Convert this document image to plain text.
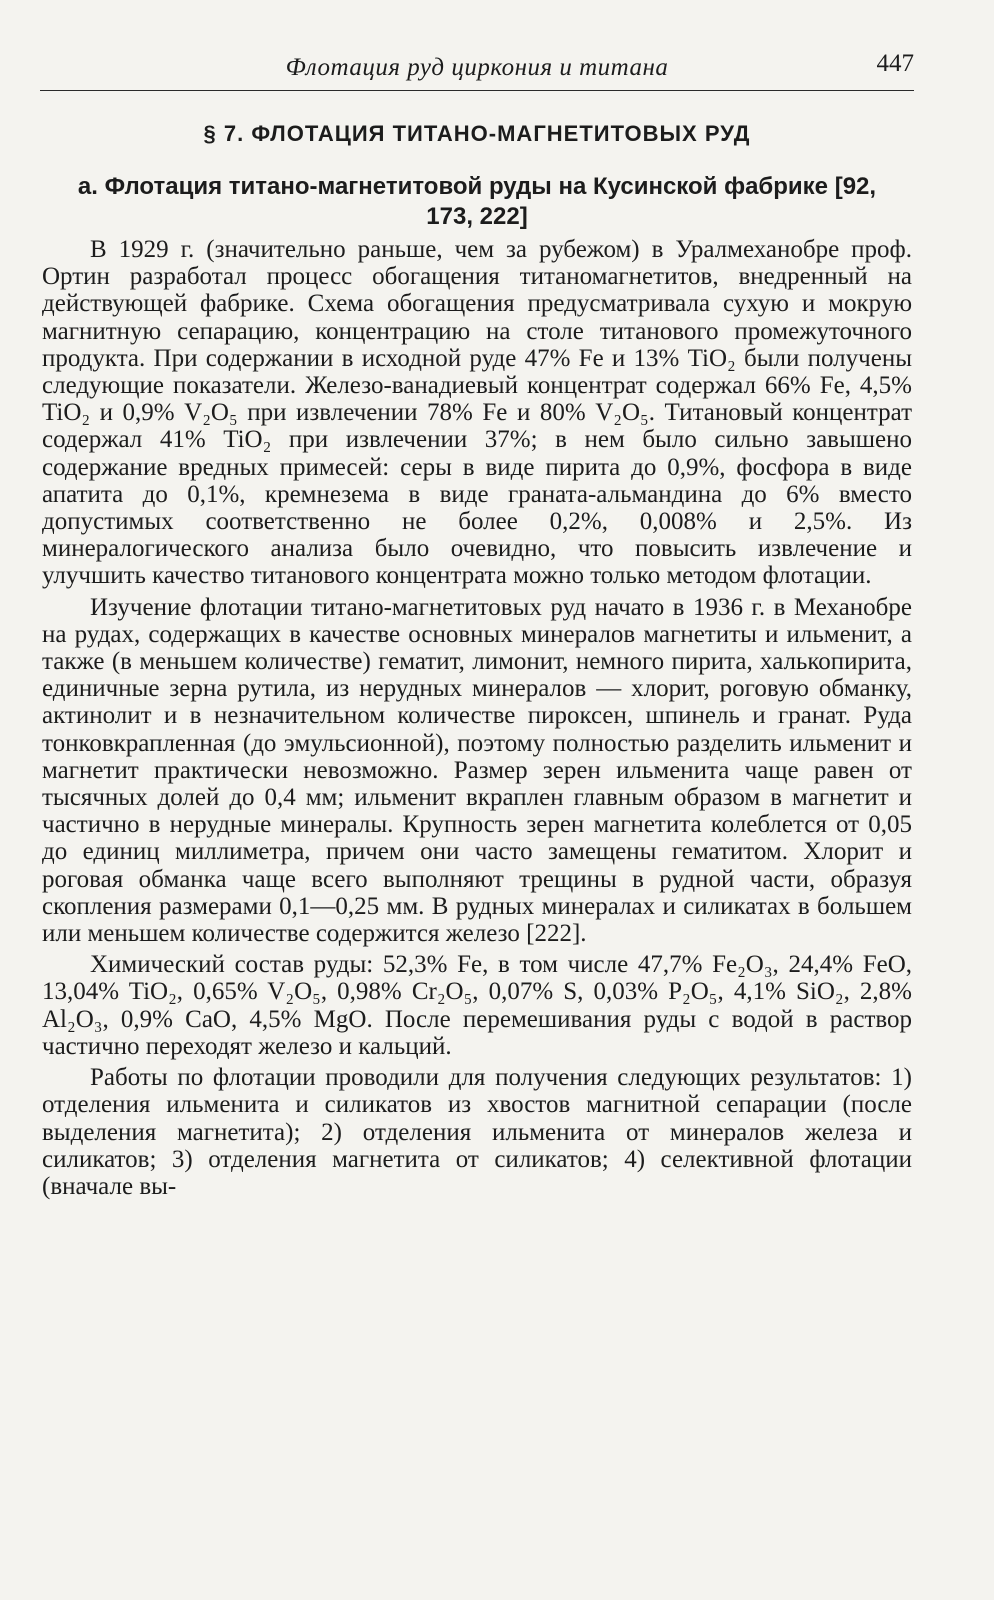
Флотация руд циркония и титана	447
§ 7. ФЛОТАЦИЯ ТИТАНО-МАГНЕТИТОВЫХ РУД
а. Флотация титано-магнетитовой руды на Кусинской фабрике [92, 173, 222]

В 1929 г. (значительно раньше, чем за рубежом) в Уралмеханобре проф. Ортин разработал процесс обогащения титаномагнетитов, внедренный на действующей фабрике. Схема обогащения предусматривала сухую и мокрую магнитную сепарацию, концентрацию на столе титанового промежуточного продукта. При содержании в исходной руде 47% Fe и 13% TiO₂ были получены следующие показатели. Железо-ванадиевый концентрат содержал 66% Fe, 4,5% TiO₂ и 0,9% V₂O₅ при извлечении 78% Fe и 80% V₂O₅. Титановый концентрат содержал 41% TiO₂ при извлечении 37%; в нем было сильно завышено содержание вредных примесей: серы в виде пирита до 0,9%, фосфора в виде апатита до 0,1%, кремнезема в виде граната-альмандина до 6% вместо допустимых соответственно не более 0,2%, 0,008% и 2,5%. Из минералогического анализа было очевидно, что повысить извлечение и улучшить качество титанового концентрата можно только методом флотации.

Изучение флотации титано-магнетитовых руд начато в 1936 г. в Механобре на рудах, содержащих в качестве основных минералов магнетиты и ильменит, а также (в меньшем количестве) гематит, лимонит, немного пирита, халькопирита, единичные зерна рутила, из нерудных минералов — хлорит, роговую обманку, актинолит и в незначительном количестве пироксен, шпинель и гранат. Руда тонковкрапленная (до эмульсионной), поэтому полностью разделить ильменит и магнетит практически невозможно. Размер зерен ильменита чаще равен от тысячных долей до 0,4 мм; ильменит вкраплен главным образом в магнетит и частично в нерудные минералы. Крупность зерен магнетита колеблется от 0,05 до единиц миллиметра, причем они часто замещены гематитом. Хлорит и роговая обманка чаще всего выполняют трещины в рудной части, образуя скопления размерами 0,1—0,25 мм. В рудных минералах и силикатах в большем или меньшем количестве содержится железо [222].

Химический состав руды: 52,3% Fe, в том числе 47,7% Fe₂O₃, 24,4% FeO, 13,04% TiO₂, 0,65% V₂O₅, 0,98% Cr₂O₅, 0,07% S, 0,03% P₂O₅, 4,1% SiO₂, 2,8% Al₂O₃, 0,9% CaO, 4,5% MgO. После перемешивания руды с водой в раствор частично переходят железо и кальций.

Работы по флотации проводили для получения следующих результатов: 1) отделения ильменита и силикатов из хвостов магнитной сепарации (после выделения магнетита); 2) отделения ильменита от минералов железа и силикатов; 3) отделения магнетита от силикатов; 4) селективной флотации (вначале вы-
